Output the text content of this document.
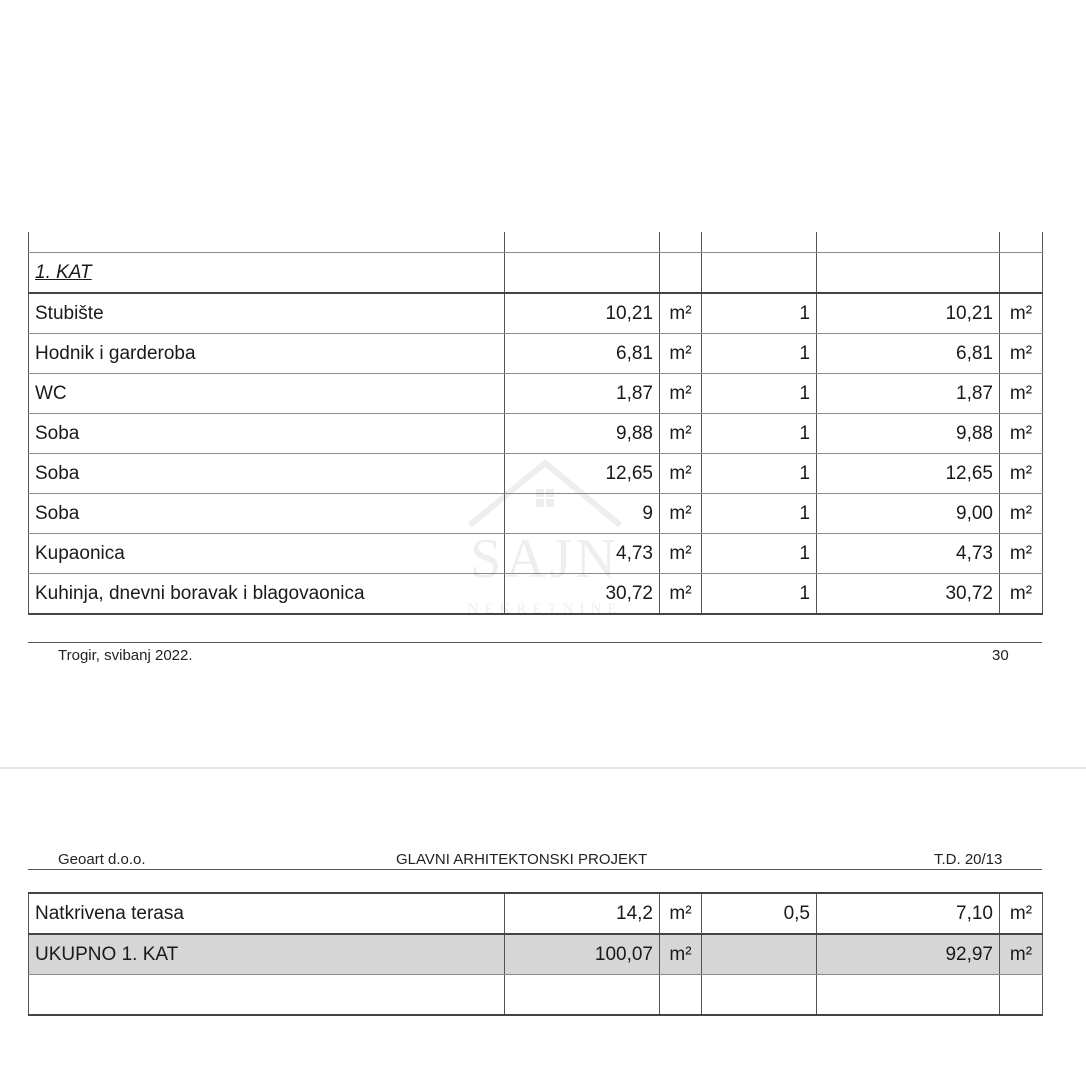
1. KAT					
Stubište	10,21	m²	1	10,21	m²
Hodnik i garderoba	6,81	m²	1	6,81	m²
WC	1,87	m²	1	1,87	m²
Soba	9,88	m²	1	9,88	m²
Soba	12,65	m²	1	12,65	m²
Soba	9	m²	1	9,00	m²
Kupaonica	4,73	m²	1	4,73	m²
Kuhinja, dnevni boravak i blagovaonica	30,72	m²	1	30,72	m²
Trogir, svibanj 2022.	30
Geoart d.o.o.	GLAVNI ARHITEKTONSKI PROJEKT	T.D. 20/13
Natkrivena terasa	14,2	m²	0,5	7,10	m²
UKUPNO 1. KAT	100,07	m²		92,97	m²

SAJN
NEKRETNINE
